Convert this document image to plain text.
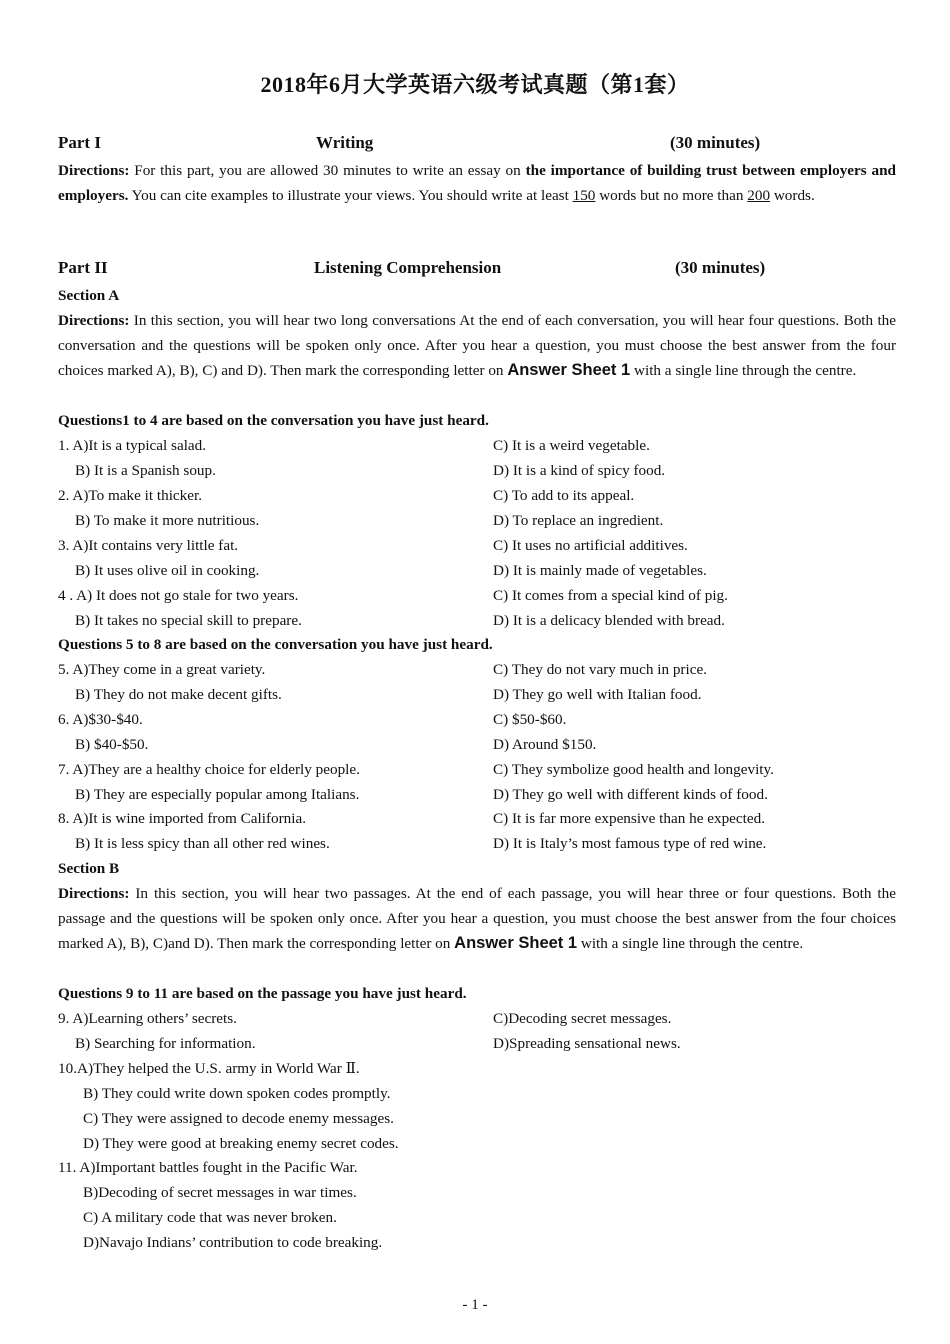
2018年6月大学英语六级考试真题（第1套）
Part I	Writing	(30 minutes)
Directions: For this part, you are allowed 30 minutes to write an essay on the importance of building trust between employers and employers. You can cite examples to illustrate your views. You should write at least 150 words but no more than 200 words.
Part II	Listening Comprehension	(30 minutes)
Section A
Directions: In this section, you will hear two long conversations At the end of each conversation, you will hear four questions. Both the conversation and the questions will be spoken only once. After you hear a question, you must choose the best answer from the four choices marked A), B), C) and D). Then mark the corresponding letter on Answer Sheet 1 with a single line through the centre.
Questions1 to 4 are based on the conversation you have just heard.
1. A)It is a typical salad.	C) It is a weird vegetable.
B) It is a Spanish soup.	D) It is a kind of spicy food.
2. A)To make it thicker.	C) To add to its appeal.
B) To make it more nutritious.	D) To replace an ingredient.
3. A)It contains very little fat.	C) It uses no artificial additives.
B) It uses olive oil in cooking.	D) It is mainly made of vegetables.
4 . A) It does not go stale for two years.	C) It comes from a special kind of pig.
B) It takes no special skill to prepare.	D) It is a delicacy blended with bread.
Questions 5 to 8 are based on the conversation you have just heard.
5. A)They come in a great variety.	C) They do not vary much in price.
B) They do not make decent gifts.	D) They go well with Italian food.
6. A)$30-$40.	C) $50-$60.
B) $40-$50.	D) Around $150.
7. A)They are a healthy choice for elderly people.	C) They symbolize good health and longevity.
B) They are especially popular among Italians.	D) They go well with different kinds of food.
8. A)It is wine imported from California.	C) It is far more expensive than he expected.
B) It is less spicy than all other red wines.	D) It is Italy’s most famous type of red wine.
Section B
Directions: In this section, you will hear two passages. At the end of each passage, you will hear three or four questions. Both the passage and the questions will be spoken only once. After you hear a question, you must choose the best answer from the four choices marked A), B), C)and D). Then mark the corresponding letter on Answer Sheet 1 with a single line through the centre.
Questions 9 to 11 are based on the passage you have just heard.
9. A)Learning others’ secrets.	C)Decoding secret messages.
B) Searching for information.	D)Spreading sensational news.
10.A)They helped the U.S. army in World War Ⅱ.
B) They could write down spoken codes promptly.
C) They were assigned to decode enemy messages.
D) They were good at breaking enemy secret codes.
11. A)Important battles fought in the Pacific War.
B)Decoding of secret messages in war times.
C) A military code that was never broken.
D)Navajo Indians’ contribution to code breaking.
- 1 -
